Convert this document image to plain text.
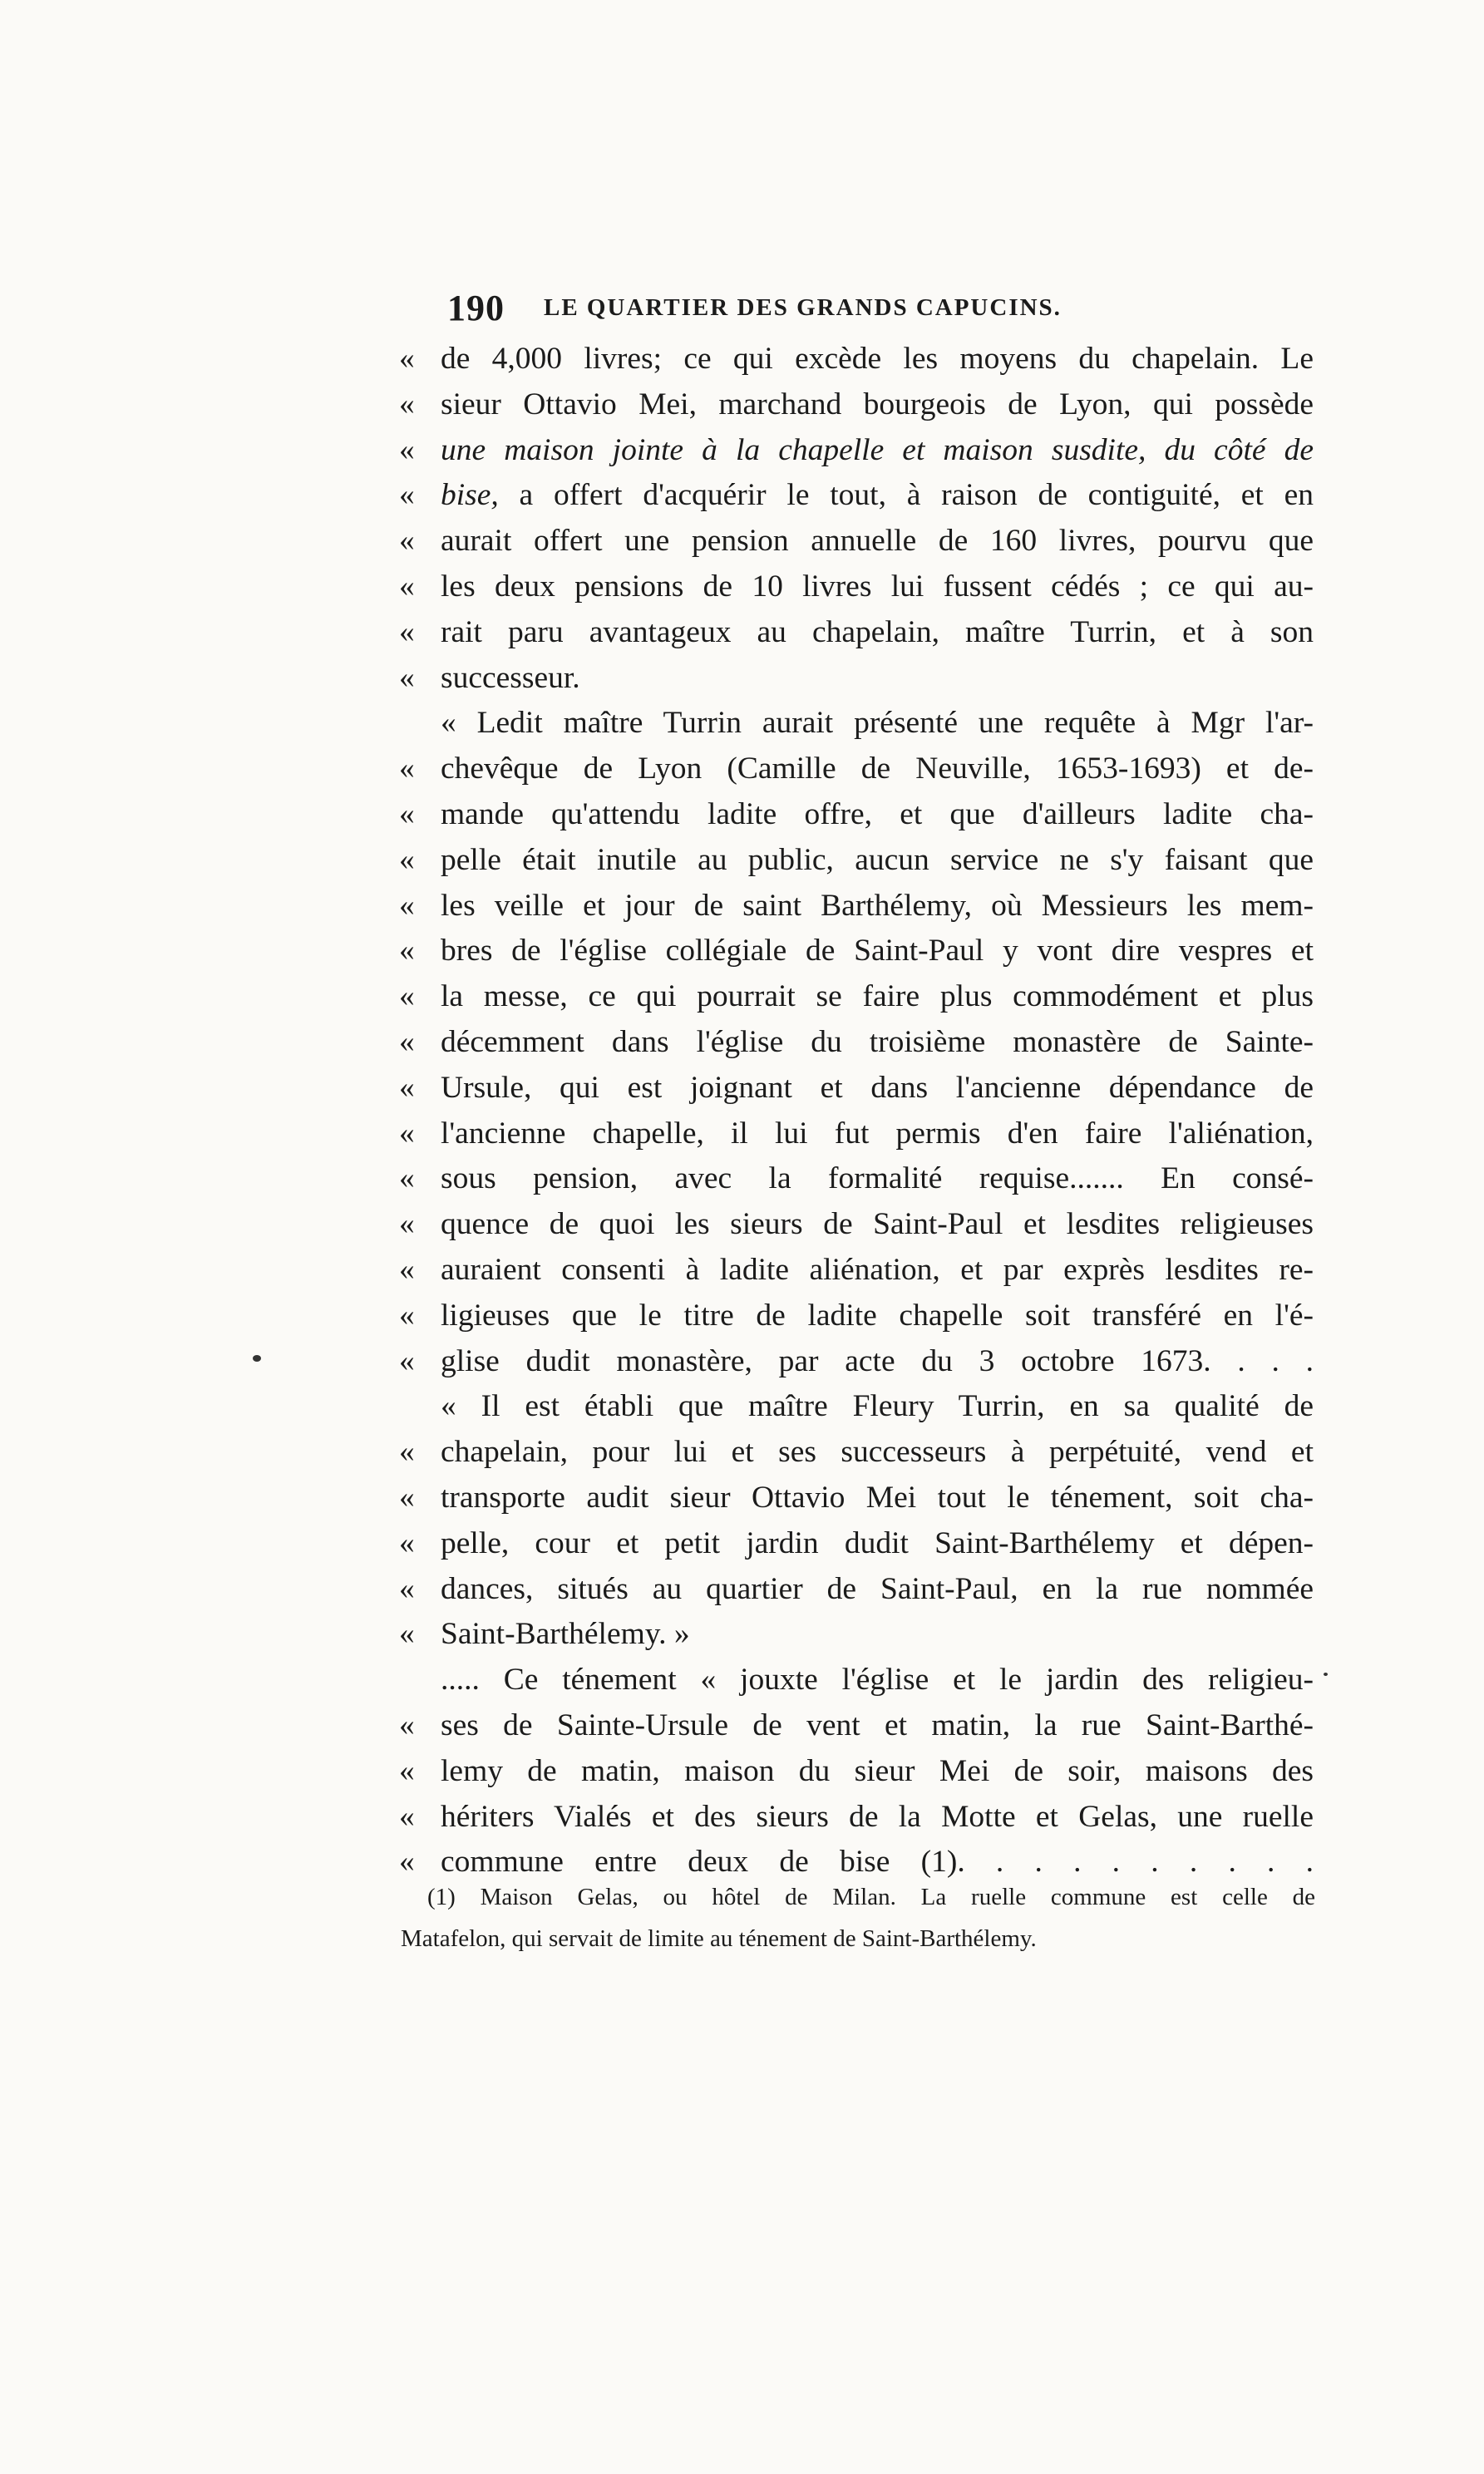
190 LE QUARTIER DES GRANDS CAPUCINS.
« de 4,000 livres; ce qui excède les moyens du chapelain. Le
« sieur Ottavio Mei, marchand bourgeois de Lyon, qui possède
« une maison jointe à la chapelle et maison susdite, du côté de
« bise, a offert d'acquérir le tout, à raison de contiguité, et en
« aurait offert une pension annuelle de 160 livres, pourvu que
« les deux pensions de 10 livres lui fussent cédés ; ce qui au-
« rait paru avantageux au chapelain, maître Turrin, et à son
« successeur.
« Ledit maître Turrin aurait présenté une requête à Mgr l'ar-
« chevêque de Lyon (Camille de Neuville, 1653-1693) et de-
« mande qu'attendu ladite offre, et que d'ailleurs ladite cha-
« pelle était inutile au public, aucun service ne s'y faisant que
« les veille et jour de saint Barthélemy, où Messieurs les mem-
« bres de l'église collégiale de Saint-Paul y vont dire vespres et
« la messe, ce qui pourrait se faire plus commodément et plus
« décemment dans l'église du troisième monastère de Sainte-
« Ursule, qui est joignant et dans l'ancienne dépendance de
« l'ancienne chapelle, il lui fut permis d'en faire l'aliénation,
« sous pension, avec la formalité requise....... En consé-
« quence de quoi les sieurs de Saint-Paul et lesdites religieuses
« auraient consenti à ladite aliénation, et par exprès lesdites re-
« ligieuses que le titre de ladite chapelle soit transféré en l'é-
« glise dudit monastère, par acte du 3 octobre 1673. . . .
« Il est établi que maître Fleury Turrin, en sa qualité de
« chapelain, pour lui et ses successeurs à perpétuité, vend et
« transporte audit sieur Ottavio Mei tout le ténement, soit cha-
« pelle, cour et petit jardin dudit Saint-Barthélemy et dépen-
« dances, situés au quartier de Saint-Paul, en la rue nommée
« Saint-Barthélemy. »
..... Ce ténement « jouxte l'église et le jardin des religieu-
« ses de Sainte-Ursule de vent et matin, la rue Saint-Barthé-
« lemy de matin, maison du sieur Mei de soir, maisons des
« hériters Vialés et des sieurs de la Motte et Gelas, une ruelle
« commune entre deux de bise (1). . . . . . . . . .
(1) Maison Gelas, ou hôtel de Milan. La ruelle commune est celle de
Matafelon, qui servait de limite au ténement de Saint-Barthélemy.
